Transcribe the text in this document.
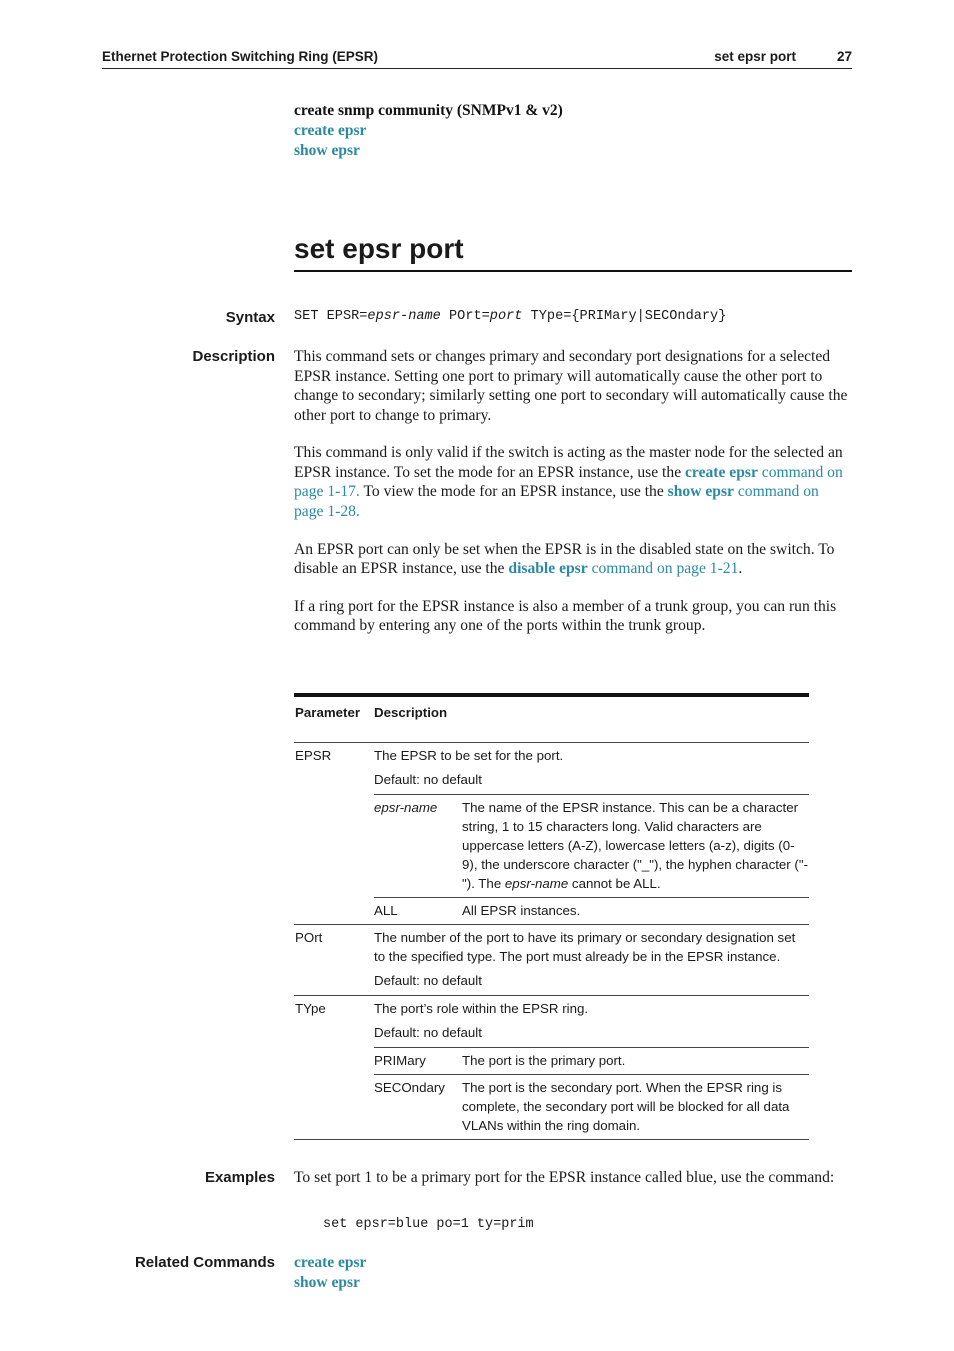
Ethernet Protection Switching Ring (EPSR)	set epsr port	27
create snmp community (SNMPv1 & v2)
create epsr
show epsr
set epsr port
Syntax SET EPSR=epsr-name POrt=port TYpe={PRIMary|SECOndary}
Description This command sets or changes primary and secondary port designations for a selected EPSR instance. Setting one port to primary will automatically cause the other port to change to secondary; similarly setting one port to secondary will automatically cause the other port to change to primary.

This command is only valid if the switch is acting as the master node for the selected an EPSR instance. To set the mode for an EPSR instance, use the create epsr command on page 1-17. To view the mode for an EPSR instance, use the show epsr command on page 1-28.

An EPSR port can only be set when the EPSR is in the disabled state on the switch. To disable an EPSR instance, use the disable epsr command on page 1-21.

If a ring port for the EPSR instance is also a member of a trunk group, you can run this command by entering any one of the ports within the trunk group.

Parameter Description
EPSR	The EPSR to be set for the port.
Default: no default
epsr-name	The name of the EPSR instance. This can be a character string, 1 to 15 characters long. Valid characters are uppercase letters (A-Z), lowercase letters (a-z), digits (0-9), the underscore character ("_"), the hyphen character ("-"). The epsr-name cannot be ALL.
ALL	All EPSR instances.
POrt	The number of the port to have its primary or secondary designation set to the specified type. The port must already be in the EPSR instance.
Default: no default
TYpe	The port’s role within the EPSR ring.
Default: no default
PRIMary	The port is the primary port.
SECOndary	The port is the secondary port. When the EPSR ring is complete, the secondary port will be blocked for all data VLANs within the ring domain.
Examples To set port 1 to be a primary port for the EPSR instance called blue, use the command:
set epsr=blue po=1 ty=prim
Related Commands create epsr
show epsr
